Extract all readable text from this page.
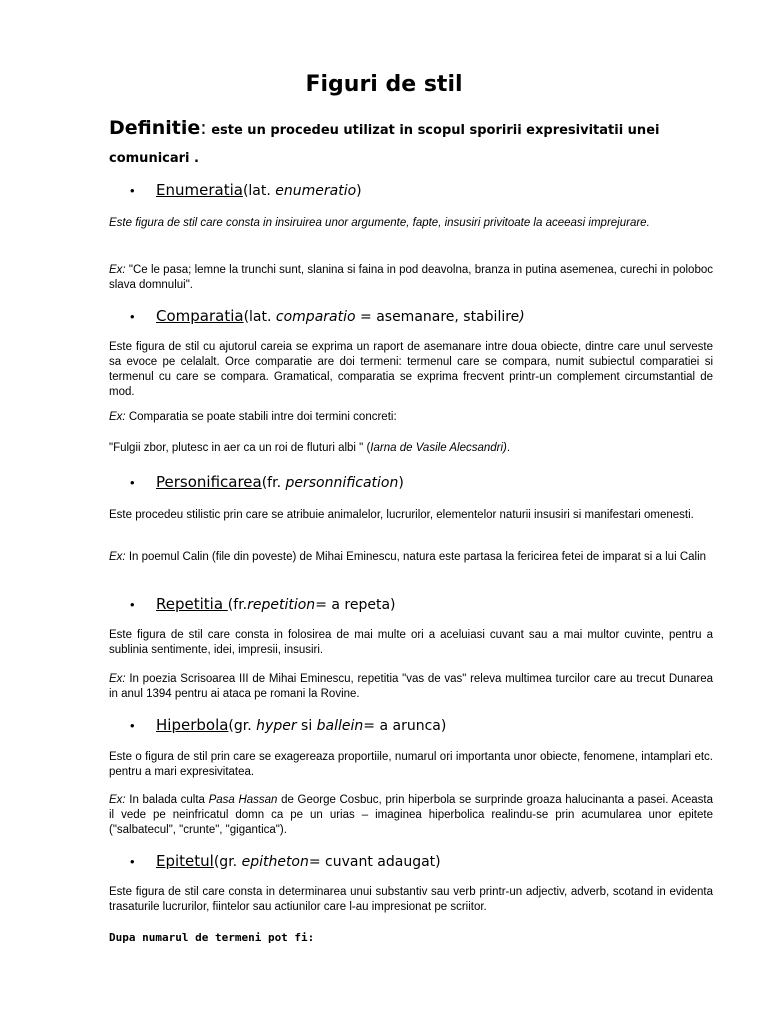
Figuri de stil
Definitie: este un procedeu utilizat in scopul sporirii expresivitatii unei comunicari .
• Enumeratia(lat. enumeratio)
Este figura de stil care consta in insiruirea unor argumente, fapte, insusiri privitoate la aceeasi imprejurare.
Ex: "Ce le pasa; lemne la trunchi sunt, slanina si faina in pod deavolna, branza in putina asemenea, curechi in poloboc slava domnului".
• Comparatia(lat. comparatio = asemanare, stabilire)
Este figura de stil cu ajutorul careia se exprima un raport de asemanare intre doua obiecte, dintre care unul serveste sa evoce pe celalalt. Orce comparatie are doi termeni: termenul care se compara, numit subiectul comparatiei si termenul cu care se compara. Gramatical, comparatia se exprima frecvent printr-un complement circumstantial de mod.
Ex: Comparatia se poate stabili intre doi termini concreti:
"Fulgii zbor, plutesc in aer ca un roi de fluturi albi " (Iarna de Vasile Alecsandri).
• Personificarea(fr. personnification)
Este procedeu stilistic prin care se atribuie animalelor, lucrurilor, elementelor naturii insusiri si manifestari omenesti.
Ex: In poemul Calin (file din poveste) de Mihai Eminescu, natura este partasa la fericirea fetei de imparat si a lui Calin
• Repetitia (fr.repetition= a repeta)
Este figura de stil care consta in folosirea de mai multe ori a aceluiasi cuvant sau a mai multor cuvinte, pentru a sublinia sentimente, idei, impresii, insusiri.
Ex: In poezia Scrisoarea III de Mihai Eminescu, repetitia "vas de vas" releva multimea turcilor care au trecut Dunarea in anul 1394 pentru ai ataca pe romani la Rovine.
• Hiperbola(gr. hyper si ballein= a arunca)
Este o figura de stil prin care se exagereaza proportiile, numarul ori importanta unor obiecte, fenomene, intamplari etc. pentru a mari expresivitatea.
Ex: In balada culta Pasa Hassan de George Cosbuc, prin hiperbola se surprinde groaza halucinanta a pasei. Aceasta il vede pe neinfricatul domn ca pe un urias – imaginea hiperbolica realindu-se prin acumularea unor epitete ("salbatecul", "crunte", "gigantica").
• Epitetul(gr. epitheton= cuvant adaugat)
Este figura de stil care consta in determinarea unui substantiv sau verb printr-un adjectiv, adverb, scotand in evidenta trasaturile lucrurilor, fiintelor sau actiunilor care l-au impresionat pe scriitor.
Dupa numarul de termeni pot fi:
